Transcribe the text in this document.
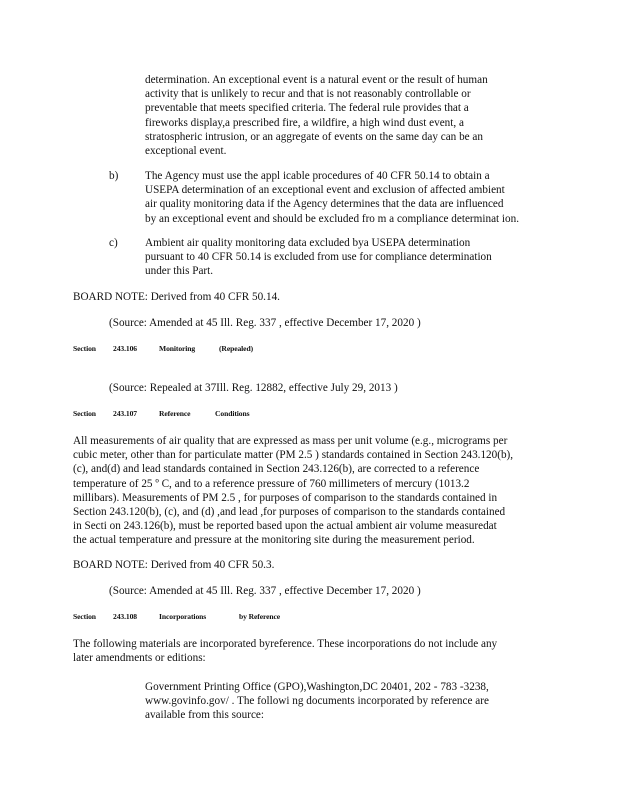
determination. An exceptional event is a natural event or the result of human
activity that is unlikely to recur and that is not reasonably controllable or
preventable that meets specified criteria. The federal rule provides that a
fireworks display,a prescribed fire, a wildfire, a high wind dust event, a
stratospheric intrusion, or an aggregate of events on the same day can be an
exceptional event.

b) The Agency must use the appl icable procedures of 40 CFR 50.14 to obtain a
USEPA determination of an exceptional event and exclusion of affected ambient
air quality monitoring data if the Agency determines that the data are influenced
by an exceptional event and should be excluded fro m a compliance determinat ion.

c) Ambient air quality monitoring data excluded bya USEPA determination
pursuant to 40 CFR 50.14 is excluded from use for compliance determination
under this Part.

BOARD NOTE: Derived from 40 CFR 50.14.

(Source: Amended at 45 Ill. Reg. 337 , effective December 17, 2020 )

Section 243.106	Monitoring	(Repealed)

(Source: Repealed at 37Ill. Reg. 12882, effective July 29, 2013 )

Section 243.107	Reference	Conditions

All measurements of air quality that are expressed as mass per unit volume (e.g., micrograms per
cubic meter, other than for particulate matter (PM 2.5 ) standards contained in Section 243.120(b),
(c), and(d) and lead standards contained in Section 243.126(b), are corrected to a reference
temperature of 25 º C, and to a reference pressure of 760 millimeters of mercury (1013.2
millibars). Measurements of PM 2.5 , for purposes of comparison to the standards contained in
Section 243.120(b), (c), and (d) ,and lead ,for purposes of comparison to the standards contained
in Secti on 243.126(b), must be reported based upon the actual ambient air volume measuredat
the actual temperature and pressure at the monitoring site during the measurement period.

BOARD NOTE: Derived from 40 CFR 50.3.

(Source: Amended at 45 Ill. Reg. 337 , effective December 17, 2020 )

Section 243.108	Incorporations	by Reference

The following materials are incorporated byreference. These incorporations do not include any
later amendments or editions:

Government Printing Office (GPO),Washington,DC 20401, 202 - 783 -3238,
www.govinfo.gov/ . The followi ng documents incorporated by reference are
available from this source:
